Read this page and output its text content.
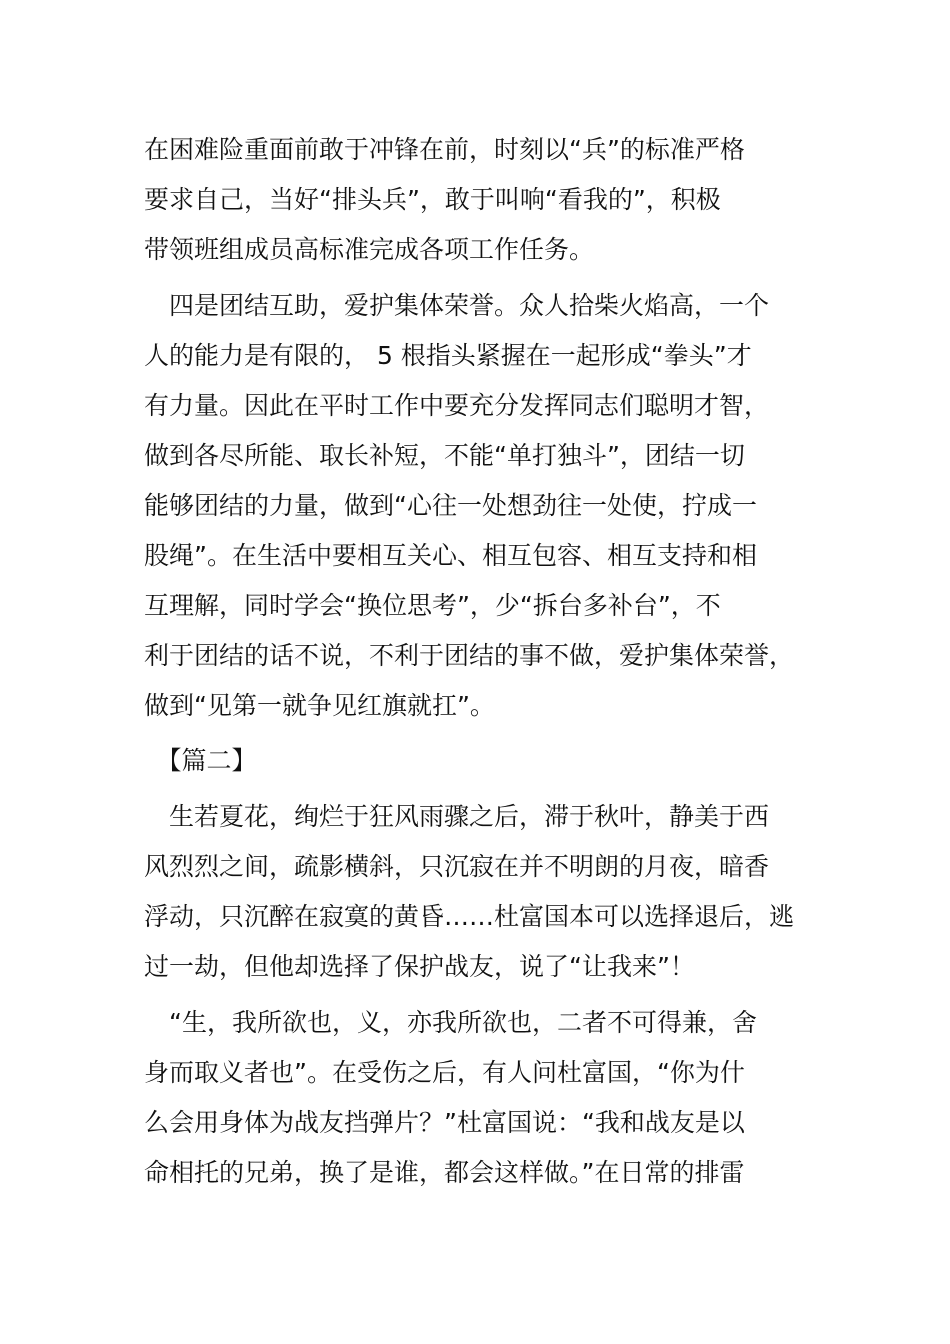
在困难险重面前敢于冲锋在前，时刻以“兵”的标准严格
要求自己，当好“排头兵”，敢于叫响“看我的”，积极
带领班组成员高标准完成各项工作任务。
　四是团结互助，爱护集体荣誉。众人拾柴火焰高，一个
人的能力是有限的， 5 根指头紧握在一起形成“拳头”才
有力量。因此在平时工作中要充分发挥同志们聪明才智，
做到各尽所能、取长补短，不能“单打独斗”，团结一切
能够团结的力量，做到“心往一处想劲往一处使，拧成一
股绳”。在生活中要相互关心、相互包容、相互支持和相
互理解，同时学会“换位思考”，少“拆台多补台”，不
利于团结的话不说，不利于团结的事不做，爱护集体荣誉，
做到“见第一就争见红旗就扛”。
　【篇二】
　生若夏花，绚烂于狂风雨骤之后，滞于秋叶，静美于西
风烈烈之间，疏影横斜，只沉寂在并不明朗的月夜，暗香
浮动，只沉醉在寂寞的黄昏……杜富国本可以选择退后，逃
过一劫，但他却选择了保护战友，说了“让我来”！
　“生，我所欲也，义，亦我所欲也，二者不可得兼，舍
身而取义者也”。在受伤之后，有人问杜富国，“你为什
么会用身体为战友挡弹片？”杜富国说：“我和战友是以
命相托的兄弟，换了是谁，都会这样做。”在日常的排雷
